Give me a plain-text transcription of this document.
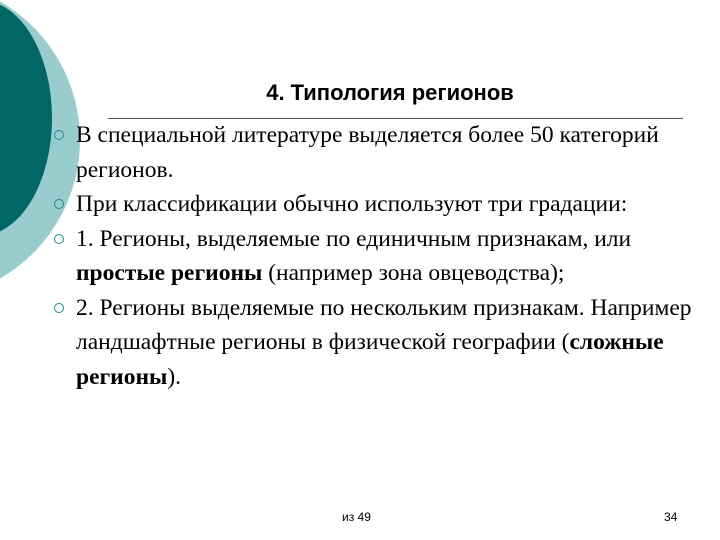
4. Типология регионов
В специальной литературе выделяется более 50 категорий регионов.
При классификации обычно используют три градации:
1. Регионы, выделяемые по единичным признакам, или простые регионы (например зона овцеводства);
2. Регионы выделяемые по нескольким признакам. Например ландшафтные регионы в физической географии (сложные регионы).
из 49	34
